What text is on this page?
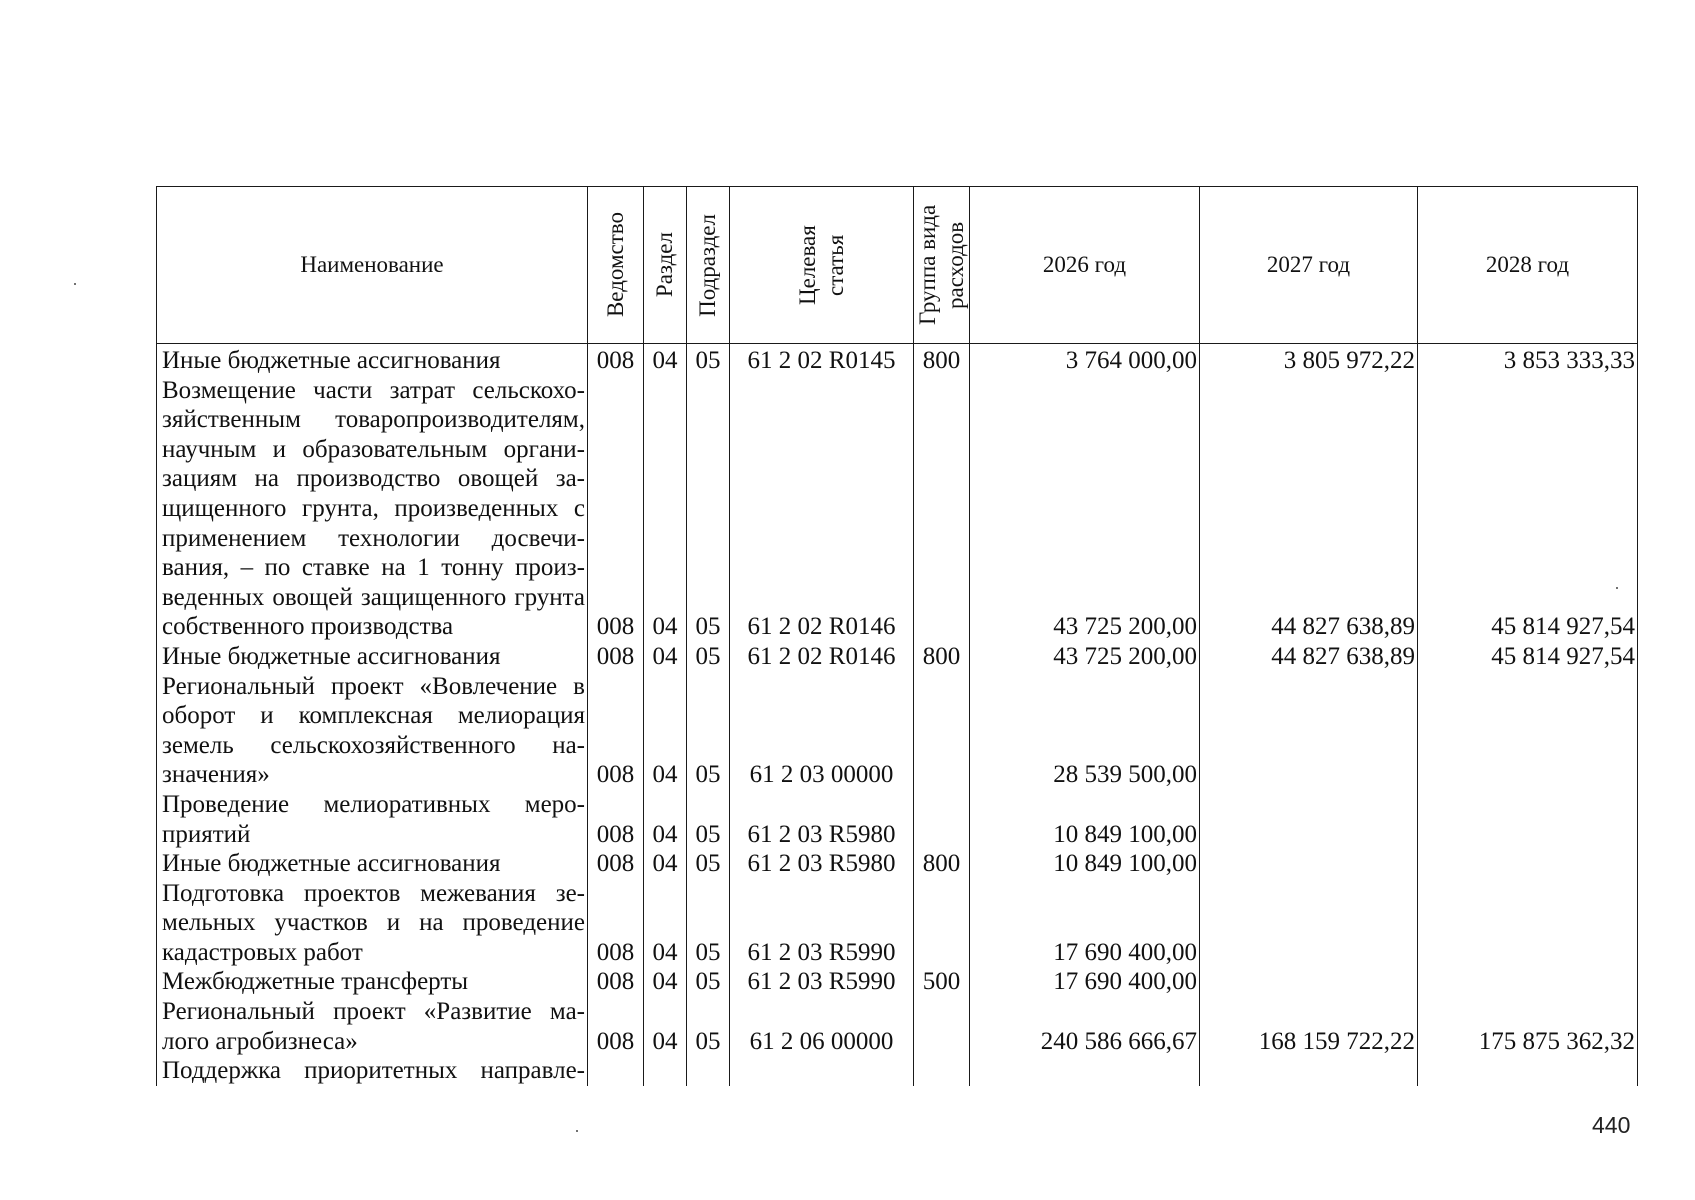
Наименование	Ведомство	Раздел	Подраздел	Целевая статья	Группа вида расходов	2026 год	2027 год	2028 год
Иные бюджетные ассигнования	008	04	05	61 2 02 R0145	800	3 764 000,00	3 805 972,22	3 853 333,33
Возмещение части затрат сельскохозяйственным товаропроизводителям, научным и образовательным организациям на производство овощей защищенного грунта, произведенных с применением технологии досвечивания, – по ставке на 1 тонну произведенных овощей защищенного грунта собственного производства	008	04	05	61 2 02 R0146		43 725 200,00	44 827 638,89	45 814 927,54
Иные бюджетные ассигнования	008	04	05	61 2 02 R0146	800	43 725 200,00	44 827 638,89	45 814 927,54
Региональный проект «Вовлечение в оборот и комплексная мелиорация земель сельскохозяйственного назначения»	008	04	05	61 2 03 00000		28 539 500,00		
Проведение мелиоративных мероприятий	008	04	05	61 2 03 R5980		10 849 100,00		
Иные бюджетные ассигнования	008	04	05	61 2 03 R5980	800	10 849 100,00		
Подготовка проектов межевания земельных участков и на проведение кадастровых работ	008	04	05	61 2 03 R5990		17 690 400,00		
Межбюджетные трансферты	008	04	05	61 2 03 R5990	500	17 690 400,00		
Региональный проект «Развитие малого агробизнеса»	008	04	05	61 2 06 00000		240 586 666,67	168 159 722,22	175 875 362,32
Поддержка приоритетных направле-								
440
